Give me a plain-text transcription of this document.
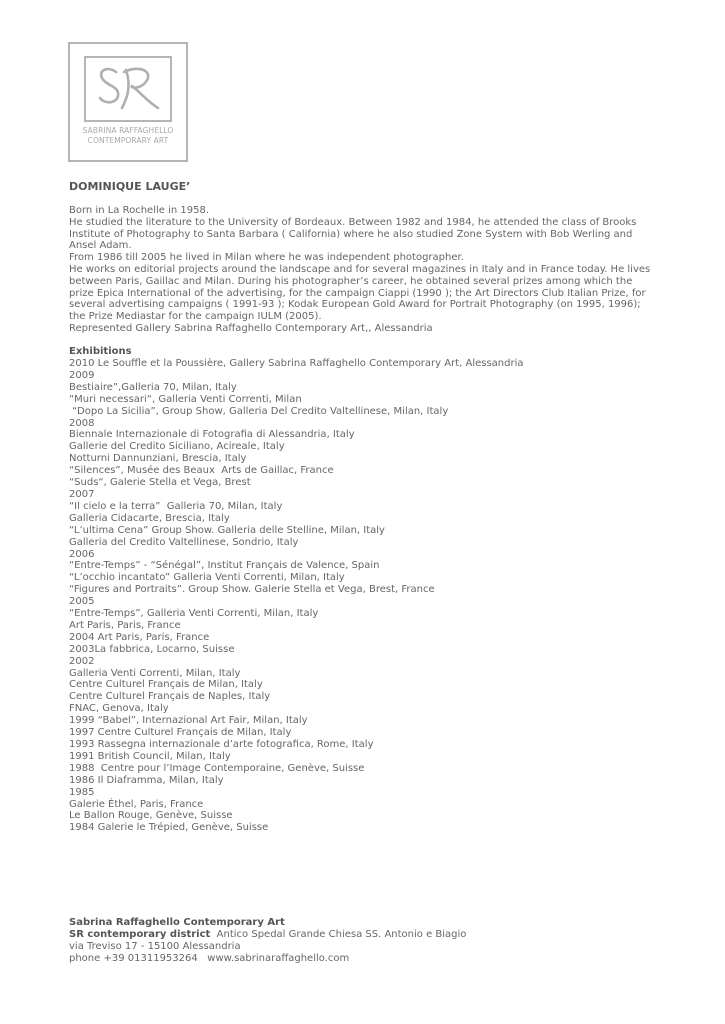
SABRINA RAFFAGHELLO
CONTEMPORARY ART
DOMINIQUE LAUGE’

Born in La Rochelle in 1958.

He studied the literature to the University of Bordeaux. Between 1982 and 1984, he attended the class of Brooks Institute of Photography to Santa Barbara ( California) where he also studied Zone System with Bob Werling and Ansel Adam.

From 1986 till 2005 he lived in Milan where he was independent photographer.

He works on editorial projects around the landscape and for several magazines in Italy and in France today. He lives between Paris, Gaillac and Milan. During his photographer’s career, he obtained several prizes among which the prize Epica International of the advertising, for the campaign Ciappi (1990 ); the Art Directors Club Italian Prize, for several advertising campaigns ( 1991-93 ); Kodak European Gold Award for Portrait Photography (on 1995, 1996); the Prize Mediastar for the campaign IULM (2005).

Represented Gallery Sabrina Raffaghello Contemporary Art,, Alessandria

Exhibitions
2010 Le Souffle et la Poussière, Gallery Sabrina Raffaghello Contemporary Art, Alessandria
2009
Bestiaire”,Galleria 70, Milan, Italy
“Muri necessari“, Galleria Venti Correnti, Milan
“Dopo La Sicilia”, Group Show, Galleria Del Credito Valtellinese, Milan, Italy
2008
Biennale Internazionale di Fotografia di Alessandria, Italy
Gallerie del Credito Siciliano, Acireale, Italy
Notturni Dannunziani, Brescia, Italy
“Silences”, Musée des Beaux  Arts de Gaillac, France
“Suds“, Galerie Stella et Vega, Brest
2007
“Il cielo e la terra”  Galleria 70, Milan, Italy
Galleria Cidacarte, Brescia, Italy
“L’ultima Cena” Group Show. Galleria delle Stelline, Milan, Italy
Galleria del Credito Valtellinese, Sondrio, Italy
2006
“Entre-Temps” - “Sénégal”, Institut Français de Valence, Spain
“L’occhio incantato” Galleria Venti Correnti, Milan, Italy
“Figures and Portraits”. Group Show. Galerie Stella et Vega, Brest, France
2005
“Entre-Temps”, Galleria Venti Correnti, Milan, Italy
Art Paris, Paris, France
2004 Art Paris, Paris, France
2003La fabbrica, Locarno, Suisse
2002
Galleria Venti Correnti, Milan, Italy
Centre Culturel Français de Milan, Italy
Centre Culturel Français de Naples, Italy
FNAC, Genova, Italy
1999 “Babel”, Internazional Art Fair, Milan, Italy
1997 Centre Culturel Français de Milan, Italy
1993 Rassegna internazionale d’arte fotografica, Rome, Italy
1991 British Council, Milan, Italy
1988  Centre pour l’Image Contemporaine, Genève, Suisse
1986 Il Diaframma, Milan, Italy
1985
Galerie Éthel, Paris, France
Le Ballon Rouge, Genève, Suisse
1984 Galerie le Trépied, Genève, Suisse
Sabrina Raffaghello Contemporary Art
SR contemporary district  Antico Spedal Grande Chiesa SS. Antonio e Biagio
via Treviso 17 - 15100 Alessandria
phone +39 01311953264   www.sabrinaraffaghello.com
